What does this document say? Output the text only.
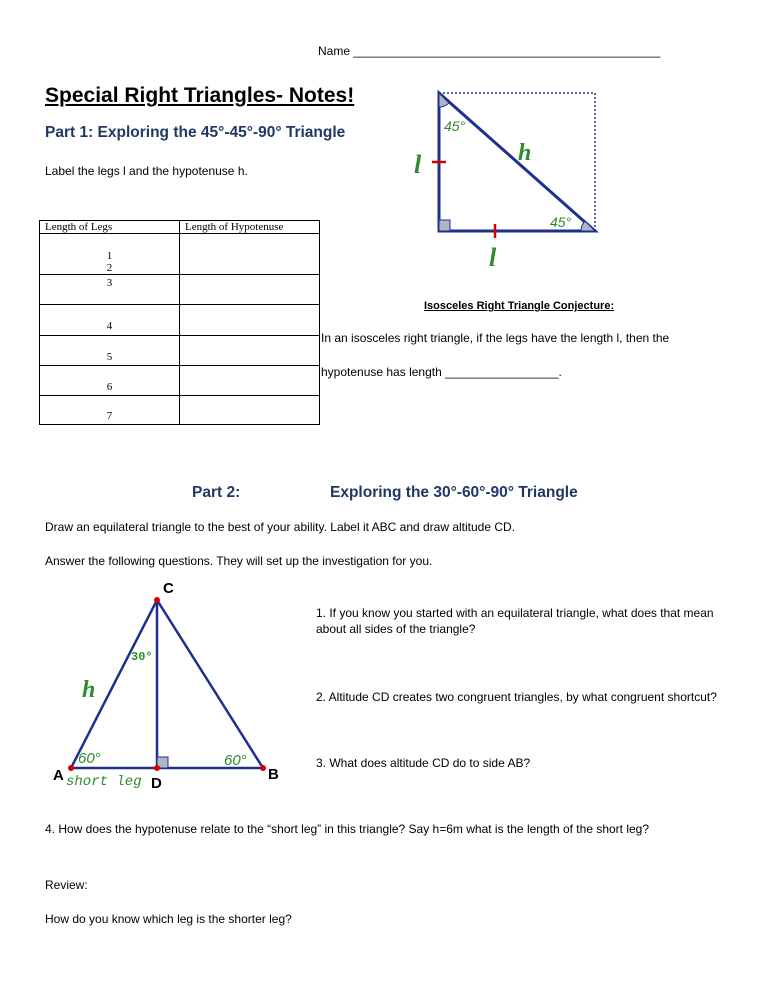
Name ______________________________________________
Special Right Triangles- Notes!
Part 1: Exploring the 45°-45°-90° Triangle
Label the legs l and the hypotenuse h.
Length of Legs	Length of Hypotenuse

1
2	

3	

4	

5	

6	

7	

45°
45°
l
l
h
Isosceles Right Triangle Conjecture:
In an isosceles right triangle, if the legs have the length l, then the
hypotenuse has length _________________.
Part 2:	Exploring the 30°-60°-90° Triangle
Draw an equilateral triangle to the best of your ability. Label it ABC and draw altitude CD.
Answer the following questions. They will set up the investigation for you.
C
A	B
D
30°
60°	60°
h
short leg
1. If you know you started with an equilateral triangle, what does that mean about all sides of the triangle?
2. Altitude CD creates two congruent triangles, by what congruent shortcut?
3. What does altitude CD do to side AB?
4. How does the hypotenuse relate to the “short leg” in this triangle? Say h=6m what is the length of the short leg?
Review:
How do you know which leg is the shorter leg?
